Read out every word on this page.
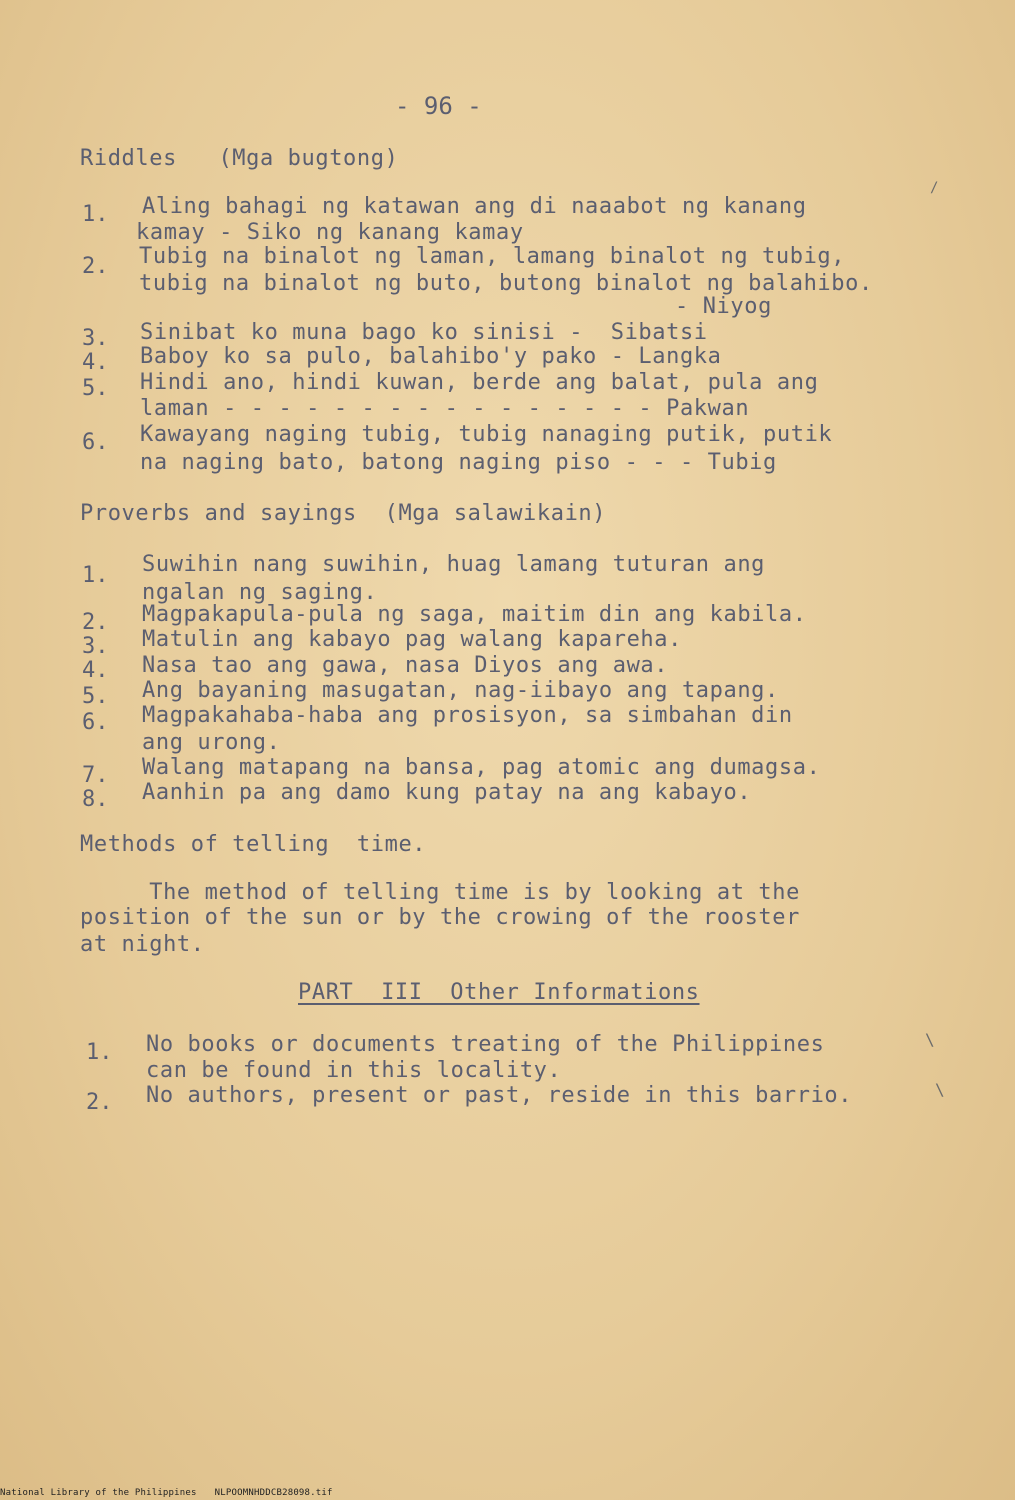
- 96 -
Riddles   (Mga bugtong)
1. Aling bahagi ng katawan ang di naaabot ng kanang
kamay - Siko ng kanang kamay
2. Tubig na binalot ng laman, lamang binalot ng tubig,
tubig na binalot ng buto, butong binalot ng balahibo.
- Niyog
3. Sinibat ko muna bago ko sinisi -  Sibatsi
4. Baboy ko sa pulo, balahibo'y pako - Langka
5. Hindi ano, hindi kuwan, berde ang balat, pula ang
laman - - - - - - - - - - - - - - - - Pakwan
6. Kawayang naging tubig, tubig nanaging putik, putik
na naging bato, batong naging piso - - - Tubig
Proverbs and sayings  (Mga salawikain)
1. Suwihin nang suwihin, huag lamang tuturan ang
ngalan ng saging.
2. Magpakapula-pula ng saga, maitim din ang kabila.
3. Matulin ang kabayo pag walang kapareha.
4. Nasa tao ang gawa, nasa Diyos ang awa.
5. Ang bayaning masugatan, nag-iibayo ang tapang.
6. Magpakahaba-haba ang prosisyon, sa simbahan din
ang urong.
7. Walang matapang na bansa, pag atomic ang dumagsa.
8. Aanhin pa ang damo kung patay na ang kabayo.
Methods of telling  time.
The method of telling time is by looking at the
position of the sun or by the crowing of the rooster
at night.
PART  III  Other Informations
1. No books or documents treating of the Philippines
can be found in this locality.
2. No authors, present or past, reside in this barrio.
/
\
\
National Library of the Philippines NLPOOMNHDDCB28098.tif
